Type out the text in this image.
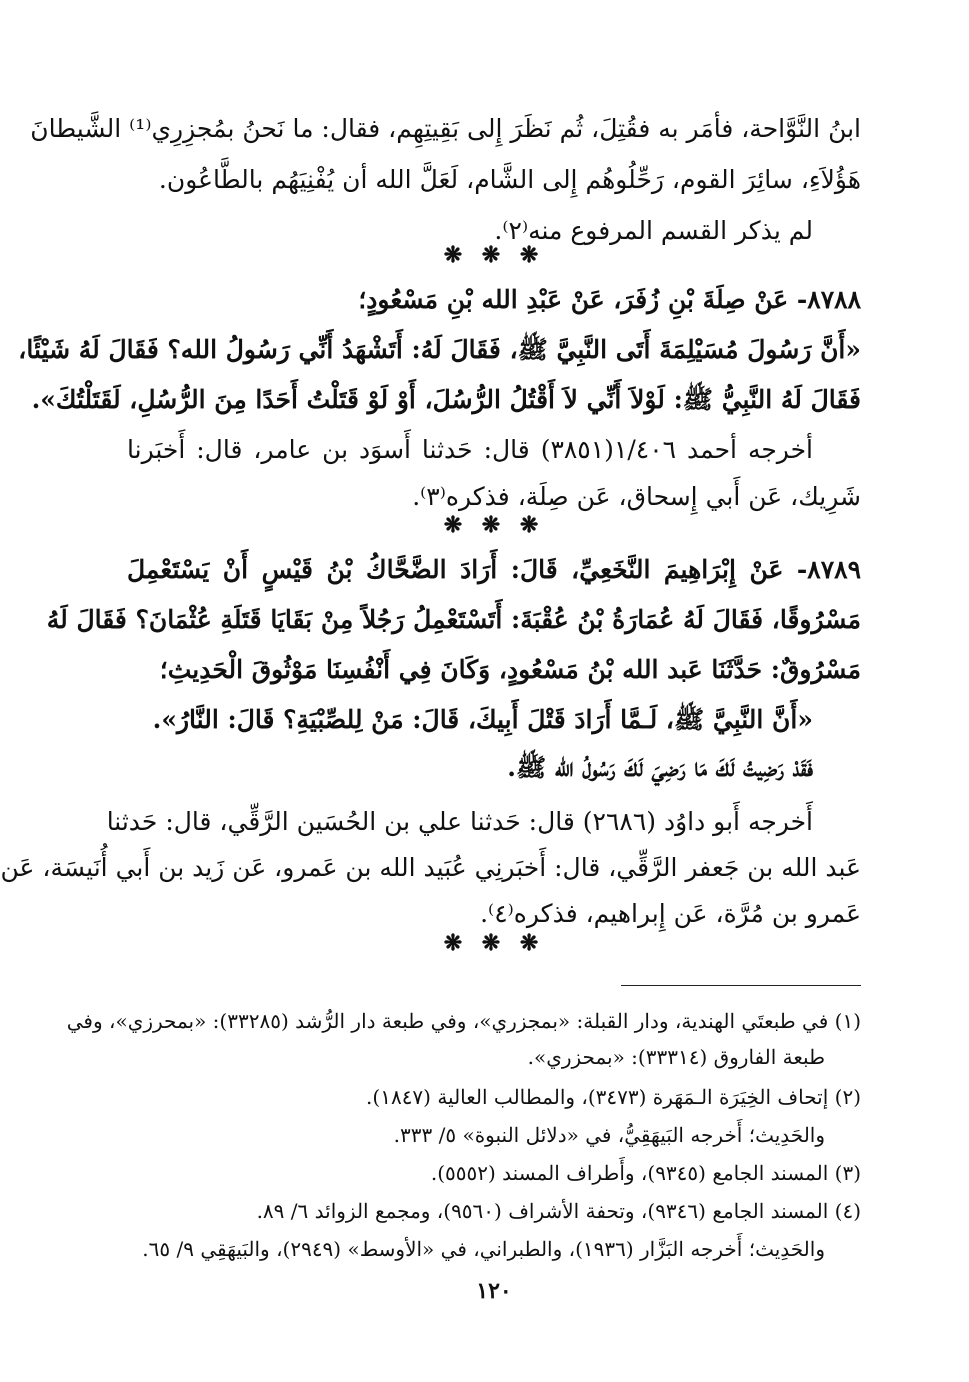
ابنُ النَّوَّاحة، فأمَر به فقُتِلَ، ثُم نَظَرَ إِلى بَقِيتِهِم، فقال: ما نَحنُ بمُجزِرِي⁽¹⁾ الشَّيطانَ
هَؤُلاَءِ، سائِرَ القوم، رَحِّلُوهُم إِلى الشَّام، لَعَلَّ الله أن يُفْنِيَهُم بالطَّاعُون.
لم يذكر القسم المرفوع منه⁽٢⁾.
❋ ❋ ❋
٨٧٨٨- عَنْ صِلَةَ بْنِ زُفَرَ، عَنْ عَبْدِ الله بْنِ مَسْعُودٍ؛
«أَنَّ رَسُولَ مُسَيْلِمَةَ أَتَى النَّبِيَّ ﷺ، فَقَالَ لَهُ: أَتَشْهَدُ أَنِّي رَسُولُ الله؟ فَقَالَ لَهُ شَيْئًا،
فَقَالَ لَهُ النَّبِيُّ ﷺ: لَوْلاَ أَنِّي لاَ أَقْتُلُ الرُّسُلَ، أَوْ لَوْ قَتَلْتُ أَحَدًا مِنَ الرُّسُلِ، لَقَتَلْتُكَ».
أخرجه أحمد ١/٤٠٦(٣٨٥١) قال: حَدثنا أَسوَد بن عامر، قال: أَخبَرنا
شَرِيك، عَن أَبي إِسحاق، عَن صِلَة، فذكره⁽٣⁾.
❋ ❋ ❋
٨٧٨٩- عَنْ إِبْرَاهِيمَ النَّخَعِيِّ، قَالَ: أَرَادَ الضَّحَّاكُ بْنُ قَيْسٍ أَنْ يَسْتَعْمِلَ
مَسْرُوقًا، فَقَالَ لَهُ عُمَارَةُ بْنُ عُقْبَةَ: أَتَسْتَعْمِلُ رَجُلاً مِنْ بَقَايَا قَتَلَةِ عُثْمَانَ؟ فَقَالَ لَهُ
مَسْرُوقٌ: حَدَّثَنَا عَبد الله بْنُ مَسْعُودٍ، وَكَانَ فِي أَنْفُسِنَا مَوْثُوقَ الْحَدِيثِ؛
«أَنَّ النَّبِيَّ ﷺ، لَـمَّا أَرَادَ قَتْلَ أَبِيكَ، قَالَ: مَنْ لِلصِّبْيَةِ؟ قَالَ: النَّارُ».
فَقَدْ رَضِيتُ لَكَ مَا رَضِيَ لَكَ رَسُولُ الله ﷺ.
أَخرجه أَبو داوُد (٢٦٨٦) قال: حَدثنا علي بن الحُسَين الرَّقِّي، قال: حَدثنا
عَبد الله بن جَعفر الرَّقِّي، قال: أَخبَرنِي عُبَيد الله بن عَمرو، عَن زَيد بن أَبي أُنَيسَة، عَن
عَمرو بن مُرَّة، عَن إِبراهيم، فذكره⁽٤⁾.
❋ ❋ ❋
(١) في طبعتَي الهندية، ودار القبلة: «بمجزري»، وفي طبعة دار الرُّشد (٣٣٢٨٥): «بمحرزي»، وفي
طبعة الفاروق (٣٣٣١٤): «بمحزري».
(٢) إتحاف الخِيَرَة الـمَهَرة (٣٤٧٣)، والمطالب العالية (١٨٤٧).
والحَدِيث؛ أَخرجه البَيهَقِيُّ، في «دلائل النبوة» ٥/ ٣٣٣.
(٣) المسند الجامع (٩٣٤٥)، وأَطراف المسند (٥٥٥٢).
(٤) المسند الجامع (٩٣٤٦)، وتحفة الأشراف (٩٥٦٠)، ومجمع الزوائد ٦/ ٨٩.
والحَدِيث؛ أَخرجه البَزَّار (١٩٣٦)، والطبراني، في «الأوسط» (٢٩٤٩)، والبَيهَقِي ٩/ ٦٥.
١٢٠
